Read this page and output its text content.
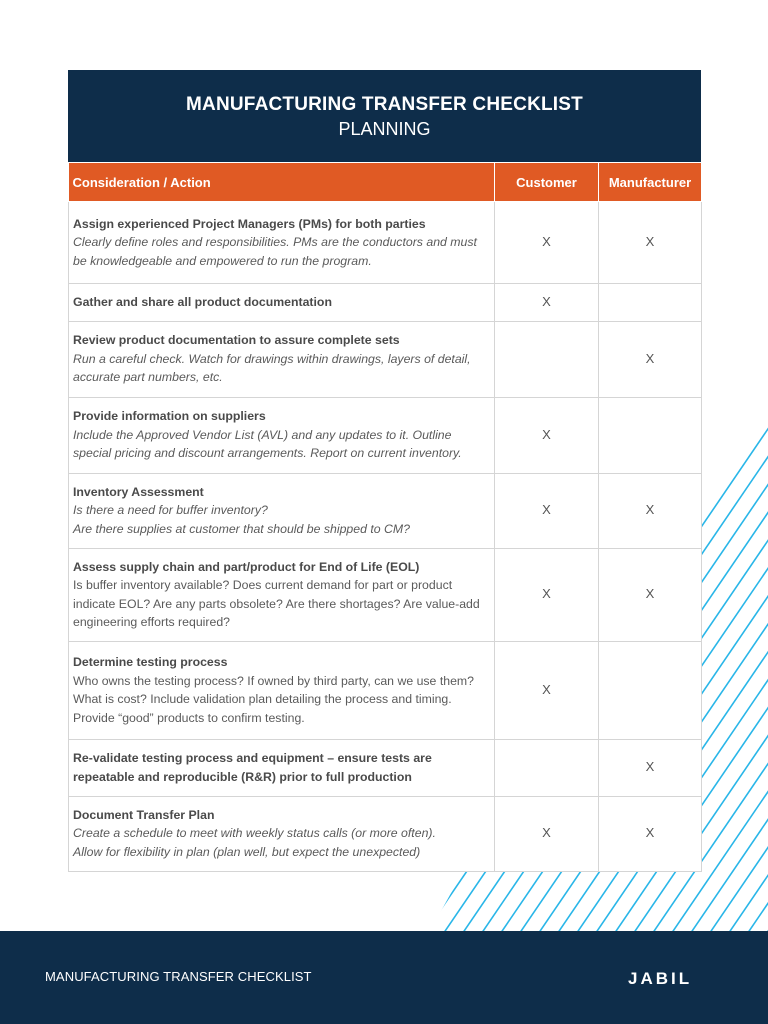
MANUFACTURING TRANSFER CHECKLIST
PLANNING
Consideration / Action	Customer	Manufacturer

Assign experienced Project Managers (PMs) for both parties
Clearly define roles and responsibilities. PMs are the conductors and must be knowledgeable and empowered to run the program.	X	X

Gather and share all product documentation	X	

Review product documentation to assure complete sets
Run a careful check. Watch for drawings within drawings, layers of detail, accurate part numbers, etc.		X

Provide information on suppliers
Include the Approved Vendor List (AVL) and any updates to it. Outline special pricing and discount arrangements. Report on current inventory.	X	

Inventory Assessment
Is there a need for buffer inventory?
Are there supplies at customer that should be shipped to CM?	X	X

Assess supply chain and part/product for End of Life (EOL)
Is buffer inventory available? Does current demand for part or product indicate EOL? Are any parts obsolete? Are there shortages? Are value-add engineering efforts required?	X	X

Determine testing process
Who owns the testing process? If owned by third party, can we use them? What is cost? Include validation plan detailing the process and timing. Provide “good” products to confirm testing.	X	

Re-validate testing process and equipment – ensure tests are repeatable and reproducible (R&R) prior to full production		X

Document Transfer Plan
Create a schedule to meet with weekly status calls (or more often).
Allow for flexibility in plan (plan well, but expect the unexpected)	X	X
MANUFACTURING TRANSFER CHECKLIST	JABIL
